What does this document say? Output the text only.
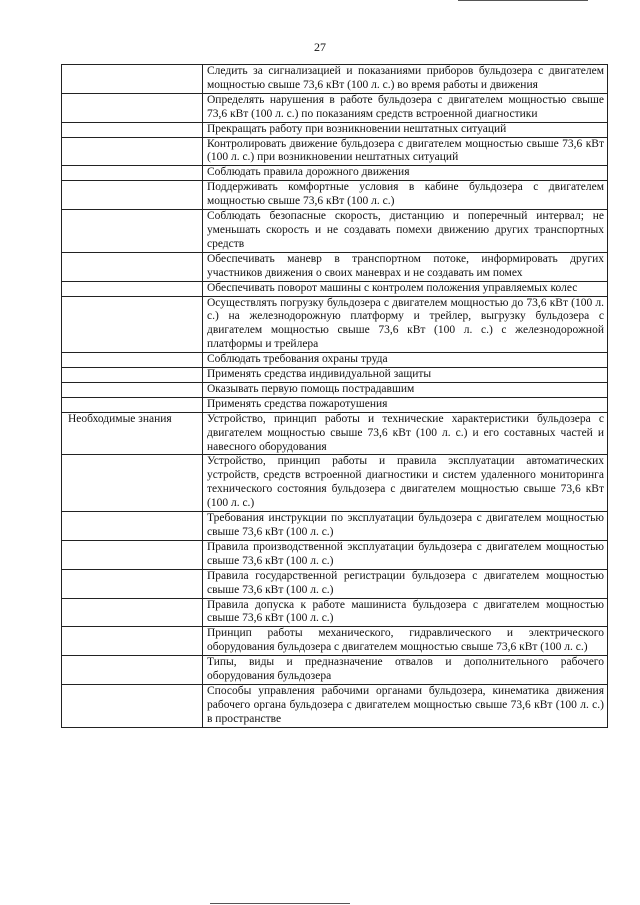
27
	Следить за сигнализацией и показаниями приборов бульдозера с двигателем мощностью свыше 73,6 кВт (100 л. с.) во время работы и движения
	Определять нарушения в работе бульдозера с двигателем мощностью свыше 73,6 кВт (100 л. с.) по показаниям средств встроенной диагностики
	Прекращать работу при возникновении нештатных ситуаций
	Контролировать движение бульдозера с двигателем мощностью свыше 73,6 кВт (100 л. с.) при возникновении нештатных ситуаций
	Соблюдать правила дорожного движения
	Поддерживать комфортные условия в кабине бульдозера с двигателем мощностью свыше 73,6 кВт (100 л. с.)
	Соблюдать безопасные скорость, дистанцию и поперечный интервал; не уменьшать скорость и не создавать помехи движению других транспортных средств
	Обеспечивать маневр в транспортном потоке, информировать других участников движения о своих маневрах и не создавать им помех
	Обеспечивать поворот машины с контролем положения управляемых колес
	Осуществлять погрузку бульдозера с двигателем мощностью до 73,6 кВт (100 л. с.) на железнодорожную платформу и трейлер, выгрузку бульдозера с двигателем мощностью свыше 73,6 кВт (100 л. с.) с железнодорожной платформы и трейлера
	Соблюдать требования охраны труда
	Применять средства индивидуальной защиты
	Оказывать первую помощь пострадавшим
	Применять средства пожаротушения
Необходимые знания	Устройство, принцип работы и технические характеристики бульдозера с двигателем мощностью свыше 73,6 кВт (100 л. с.) и его составных частей и навесного оборудования
	Устройство, принцип работы и правила эксплуатации автоматических устройств, средств встроенной диагностики и систем удаленного мониторинга технического состояния бульдозера с двигателем мощностью свыше 73,6 кВт (100 л. с.)
	Требования инструкции по эксплуатации бульдозера с двигателем мощностью свыше 73,6 кВт (100 л. с.)
	Правила производственной эксплуатации бульдозера с двигателем мощностью свыше 73,6 кВт (100 л. с.)
	Правила государственной регистрации бульдозера с двигателем мощностью свыше 73,6 кВт (100 л. с.)
	Правила допуска к работе машиниста бульдозера с двигателем мощностью свыше 73,6 кВт (100 л. с.)
	Принцип работы механического, гидравлического и электрического оборудования бульдозера с двигателем мощностью свыше 73,6 кВт (100 л. с.)
	Типы, виды и предназначение отвалов и дополнительного рабочего оборудования бульдозера
	Способы управления рабочими органами бульдозера, кинематика движения рабочего органа бульдозера с двигателем мощностью свыше 73,6 кВт (100 л. с.) в пространстве
